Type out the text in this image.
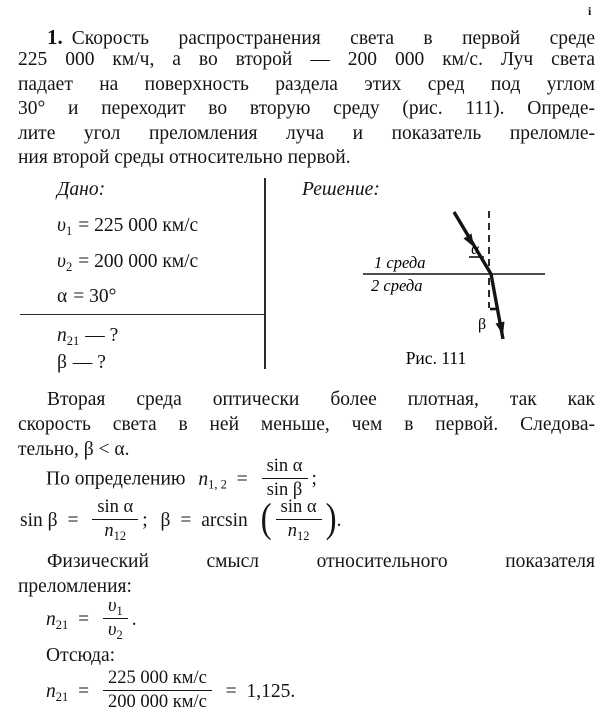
i
1. Скорость распространения света в первой среде
225 000 км/ч, а во второй — 200 000 км/с. Луч света
падает на поверхность раздела этих сред под углом
30° и переходит во вторую среду (рис. 111). Опреде-
лите угол преломления луча и показатель преломле-
ния второй среды относительно первой.
Дано:
$\upsilon_1 = 225$ 000 км/с
$\upsilon_2 = 200$ 000 км/с
α = 30°
$n_{21}$ — ?
β — ?
Решение:
α
β
1 среда
2 среда
Рис. 111
Вторая среда оптически более плотная, так как
скорость света в ней меньше, чем в первой. Следова-
тельно, β < α.
По определению $n_{1, 2} = \frac{\text{sin α}}{\text{sin β}}$ ;
$\sin \beta = \frac{\text{sin α}}{n_{12}}$ ; β = arcsin ( $\frac{\text{sin α}}{n_{12}}$ ).
Физический смысл относительного показателя
преломления:
$n_{21} = \frac{\upsilon_1}{\upsilon_2}$ .
Отсюда:
$n_{21} = \frac{225 000 км/с}{200 000 км/с} = 1,125$.
